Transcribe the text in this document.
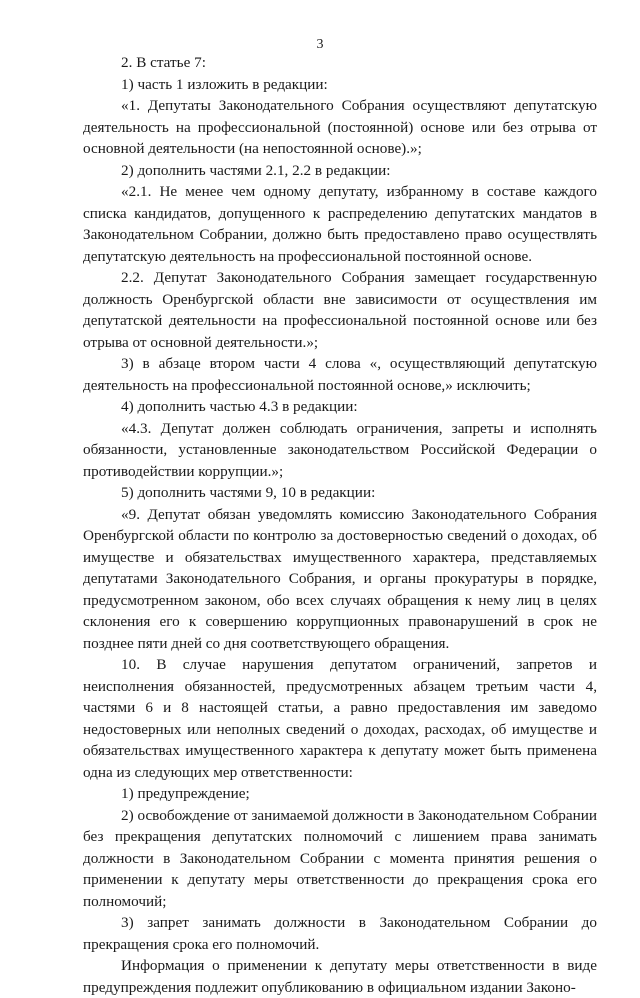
3

2. В статье 7:

1) часть 1 изложить в редакции:

«1. Депутаты Законодательного Собрания осуществляют депутатскую деятельность на профессиональной (постоянной) основе или без отрыва от основной деятельности (на непостоянной основе).»;

2) дополнить частями 2.1, 2.2 в редакции:

«2.1. Не менее чем одному депутату, избранному в составе каждого списка кандидатов, допущенного к распределению депутатских мандатов в Законодательном Собрании, должно быть предоставлено право осуществлять депутатскую деятельность на профессиональной постоянной основе.

2.2. Депутат Законодательного Собрания замещает государственную должность Оренбургской области вне зависимости от осуществления им депутатской деятельности на профессиональной постоянной основе или без отрыва от основной деятельности.»;

3) в абзаце втором части 4 слова «, осуществляющий депутатскую деятельность на профессиональной постоянной основе,» исключить;

4) дополнить частью 4.3 в редакции:

«4.3. Депутат должен соблюдать ограничения, запреты и исполнять обязанности, установленные законодательством Российской Федерации о противодействии коррупции.»;

5) дополнить частями 9, 10 в редакции:

«9. Депутат обязан уведомлять комиссию Законодательного Собрания Оренбургской области по контролю за достоверностью сведений о доходах, об имуществе и обязательствах имущественного характера, представляемых депутатами Законодательного Собрания, и органы прокуратуры в порядке, предусмотренном законом, обо всех случаях обращения к нему лиц в целях склонения его к совершению коррупционных правонарушений в срок не позднее пяти дней со дня соответствующего обращения.

10. В случае нарушения депутатом ограничений, запретов и неисполнения обязанностей, предусмотренных абзацем третьим части 4, частями 6 и 8 настоящей статьи, а равно предоставления им заведомо недостоверных или неполных сведений о доходах, расходах, об имуществе и обязательствах имущественного характера к депутату может быть применена одна из следующих мер ответственности:

1) предупреждение;

2) освобождение от занимаемой должности в Законодательном Собрании без прекращения депутатских полномочий с лишением права занимать должности в Законодательном Собрании с момента принятия решения о применении к депутату меры ответственности до прекращения срока его полномочий;

3) запрет занимать должности в Законодательном Собрании до прекращения срока его полномочий.

Информация о применении к депутату меры ответственности в виде предупреждения подлежит опубликованию в официальном издании Законо-
